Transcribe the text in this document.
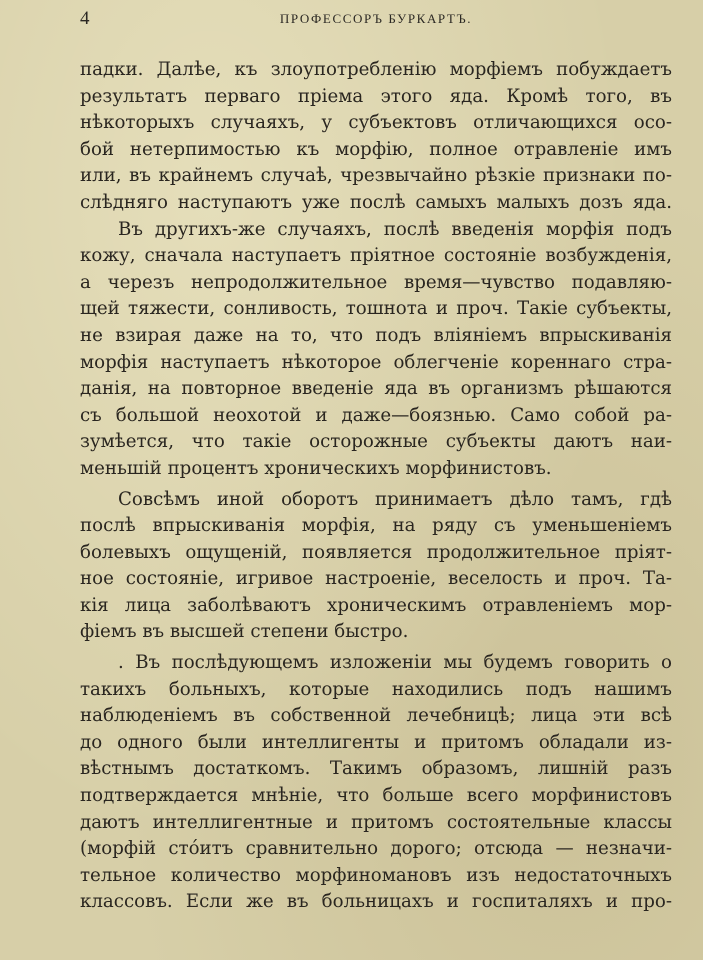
4	ПРОФЕССОРЪ БУРКАРТЪ.
падки. Далѣе, къ злоупотребленію морфіемъ побуждаетъ
результатъ перваго пріема этого яда. Кромѣ того, въ
нѣкоторыхъ случаяхъ, у субъектовъ отличающихся осо-
бой нетерпимостью къ морфію, полное отравленіе имъ
или, въ крайнемъ случаѣ, чрезвычайно рѣзкіе признаки по-
слѣдняго наступаютъ уже послѣ самыхъ малыхъ дозъ яда.
Въ другихъ-же случаяхъ, послѣ введенія морфія подъ
кожу, сначала наступаетъ пріятное состояніе возбужденія,
а черезъ непродолжительное время—чувство подавляю-
щей тяжести, сонливость, тошнота и проч. Такіе субъекты,
не взирая даже на то, что подъ вліяніемъ впрыскиванія
морфія наступаетъ нѣкоторое облегченіе кореннаго стра-
данія, на повторное введеніе яда въ организмъ рѣшаются
съ большой неохотой и даже—боязнью. Само собой ра-
зумѣется, что такіе осторожные субъекты даютъ наи-
меньшій процентъ хроническихъ морфинистовъ.
Совсѣмъ иной оборотъ принимаетъ дѣло тамъ, гдѣ
послѣ впрыскиванія морфія, на ряду съ уменьшеніемъ
болевыхъ ощущеній, появляется продолжительное пріят-
ное состояніе, игривое настроеніе, веселость и проч. Та-
кія лица заболѣваютъ хроническимъ отравленіемъ мор-
фіемъ въ высшей степени быстро.
. Въ послѣдующемъ изложеніи мы будемъ говорить о
такихъ больныхъ, которые находились подъ нашимъ
наблюденіемъ въ собственной лечебницѣ; лица эти всѣ
до одного были интеллигенты и притомъ обладали из-
вѣстнымъ достаткомъ. Такимъ образомъ, лишній разъ
подтверждается мнѣніе, что больше всего морфинистовъ
даютъ интеллигентные и притомъ состоятельные классы
(морфій стóитъ сравнительно дорого; отсюда — незначи-
тельное количество морфиномановъ изъ недостаточныхъ
классовъ. Если же въ больницахъ и госпиталяхъ и про-
